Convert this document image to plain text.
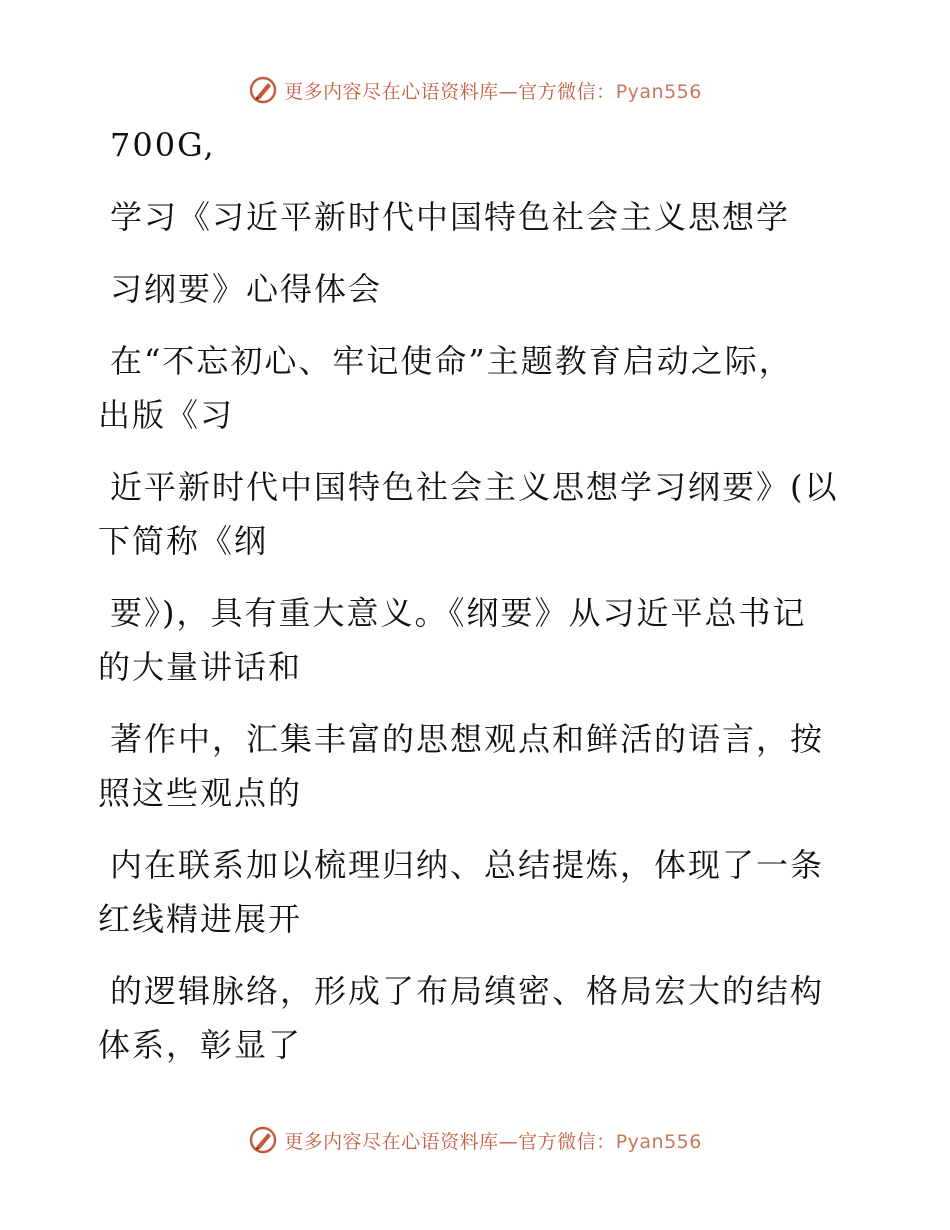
更多内容尽在心语资料库—官方微信：Pyan556
700G,
学习《习近平新时代中国特色社会主义思想学
习纲要》心得体会
在“不忘初心、牢记使命”主题教育启动之际，
出版《习
近平新时代中国特色社会主义思想学习纲要》(以
下简称《纲
要》)，具有重大意义。《纲要》从习近平总书记
的大量讲话和
著作中，汇集丰富的思想观点和鲜活的语言，按
照这些观点的
内在联系加以梳理归纳、总结提炼，体现了一条
红线精进展开
的逻辑脉络，形成了布局缜密、格局宏大的结构
体系，彰显了
更多内容尽在心语资料库—官方微信：Pyan556
